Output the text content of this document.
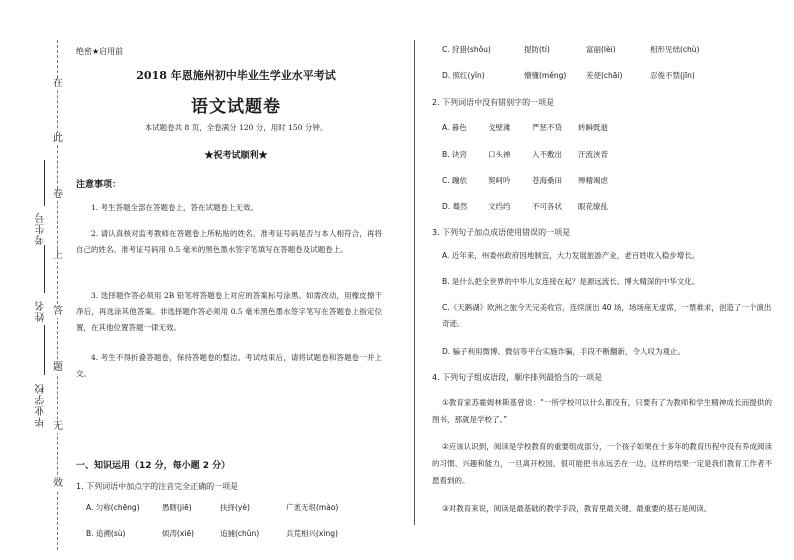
在
此
卷
上
答
题
无
效
考生号
姓名
毕业学校
绝密★启用前
2018 年恩施州初中毕业生学业水平考试
语文试题卷
本试题卷共 8 页，全卷满分 120 分，用时 150 分钟。
★祝考试顺利★
注意事项：
1. 考生答题全部在答题卷上，答在试题卷上无效。
2. 请认真核对监考教师在答题卷上所粘贴的姓名、准考证号码是否与本人相符合，再将自己的姓名、准考证号码用 0.5 毫米的黑色墨水签字笔填写在答题卷及试题卷上。
3. 选择题作答必须用 2B 铅笔将答题卷上对应的答案标号涂黑。如需改动，用橡皮擦干净后，再选涂其他答案。非选择题作答必须用 0.5 毫米黑色墨水签字笔写在答题卷上指定位置，在其他位置答题一律无效。
4. 考生不得折叠答题卷，保持答题卷的整洁。考试结束后，请将试题卷和答题卷一并上交。
一、知识运用（12 分，每小题 2 分）
1. 下列词语中加点字的注音完全正确的一项是
A. 匀称(chēng)	愚瞎(jiē)	扶择(yè)	广袤无垠(mào)
B. 追溯(sù)	烦涛(xiē)	追捕(chǔn)	兵荒相兴(xìng)
C. 狩猎(shǒu)	提防(tí)	富丽(lèi)	相形见绌(chù)
D. 照红(yǐn)	懵懂(měng)	差使(chāi)	忍俊不禁(jīn)
2. 下列词语中没有错别字的一项是
A. 暮色	戈壁滩	严惩不贷	转瞬既逝
B. 诀窍	口头禅	入不敷出	汗流浃背
C. 蹦依	契呵吟	苍海桑田	殚精竭虑
D. 蓦然	文绉绉	不可各状	眼花缭乱
3. 下列句子加点成语使用错误的一项是
A. 近年来，州委州政府因地制宜，大力发展旅游产业，老百姓收入稳步增长。
B. 是什么把全世界的中华儿女连接在起？是源远流长、博大精深的中华文化。
C.《天鹅湖》欧洲之旅今天完美收官，连续演出 40 场，场场座无虚席，一票难求，创造了一个演出奇迹。
D. 骗子利用微博、微信等平台实施诈骗，手段不断翻新，令人叹为观止。
4. 下列句子组成语段，顺序排列最恰当的一项是
①教育家苏霍姆林斯基曾说：“一所学校可以什么都没有，只要有了为教师和学生精神成长而提供的图书，那就是学校了。”
②应该认识到，阅读是学校教育的重要组成部分，一个孩子如果在十多年的教育历程中没有养成阅读的习惯、兴趣和能力，一旦离开校园，很可能把书永远丢在一边，这样的结果一定是我们教育工作者不愿看到的。
③对教育来说，阅读是最基础的教学手段，教育里最关键、最重要的基石是阅读。
